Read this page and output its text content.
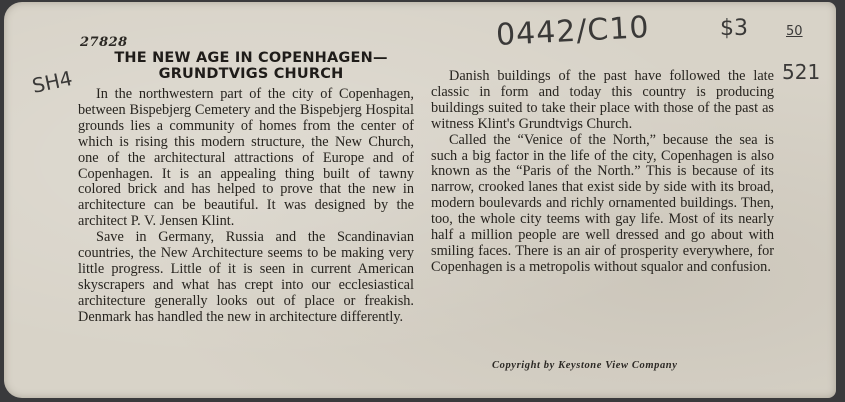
27828
THE NEW AGE IN COPENHAGEN—
GRUNDTVIGS CHURCH

In the northwestern part of the city of Copenhagen, between Bispebjerg Cemetery and the Bispebjerg Hospital grounds lies a community of homes from the center of which is rising this modern structure, the New Church, one of the architectural attractions of Europe and of Copenhagen. It is an appealing thing built of tawny colored brick and has helped to prove that the new in architecture can be beautiful. It was designed by the architect P. V. Jensen Klint.

Save in Germany, Russia and the Scandinavian countries, the New Architecture seems to be making very little progress. Little of it is seen in current American skyscrapers and what has crept into our ecclesiastical architecture generally looks out of place or freakish. Denmark has handled the new in architecture differently.

Danish buildings of the past have followed the late classic in form and today this country is producing buildings suited to take their place with those of the past as witness Klint's Grundtvigs Church.

Called the “Venice of the North,” because the sea is such a big factor in the life of the city, Copenhagen is also known as the “Paris of the North.” This is because of its narrow, crooked lanes that exist side by side with its broad, modern boulevards and richly ornamented buildings. Then, too, the whole city teems with gay life. Most of its nearly half a million people are well dressed and go about with smiling faces. There is an air of prosperity everywhere, for Copenhagen is a metropolis without squalor and confusion.

Copyright by Keystone View Company
0442/C10	$3	50
521
SH4
